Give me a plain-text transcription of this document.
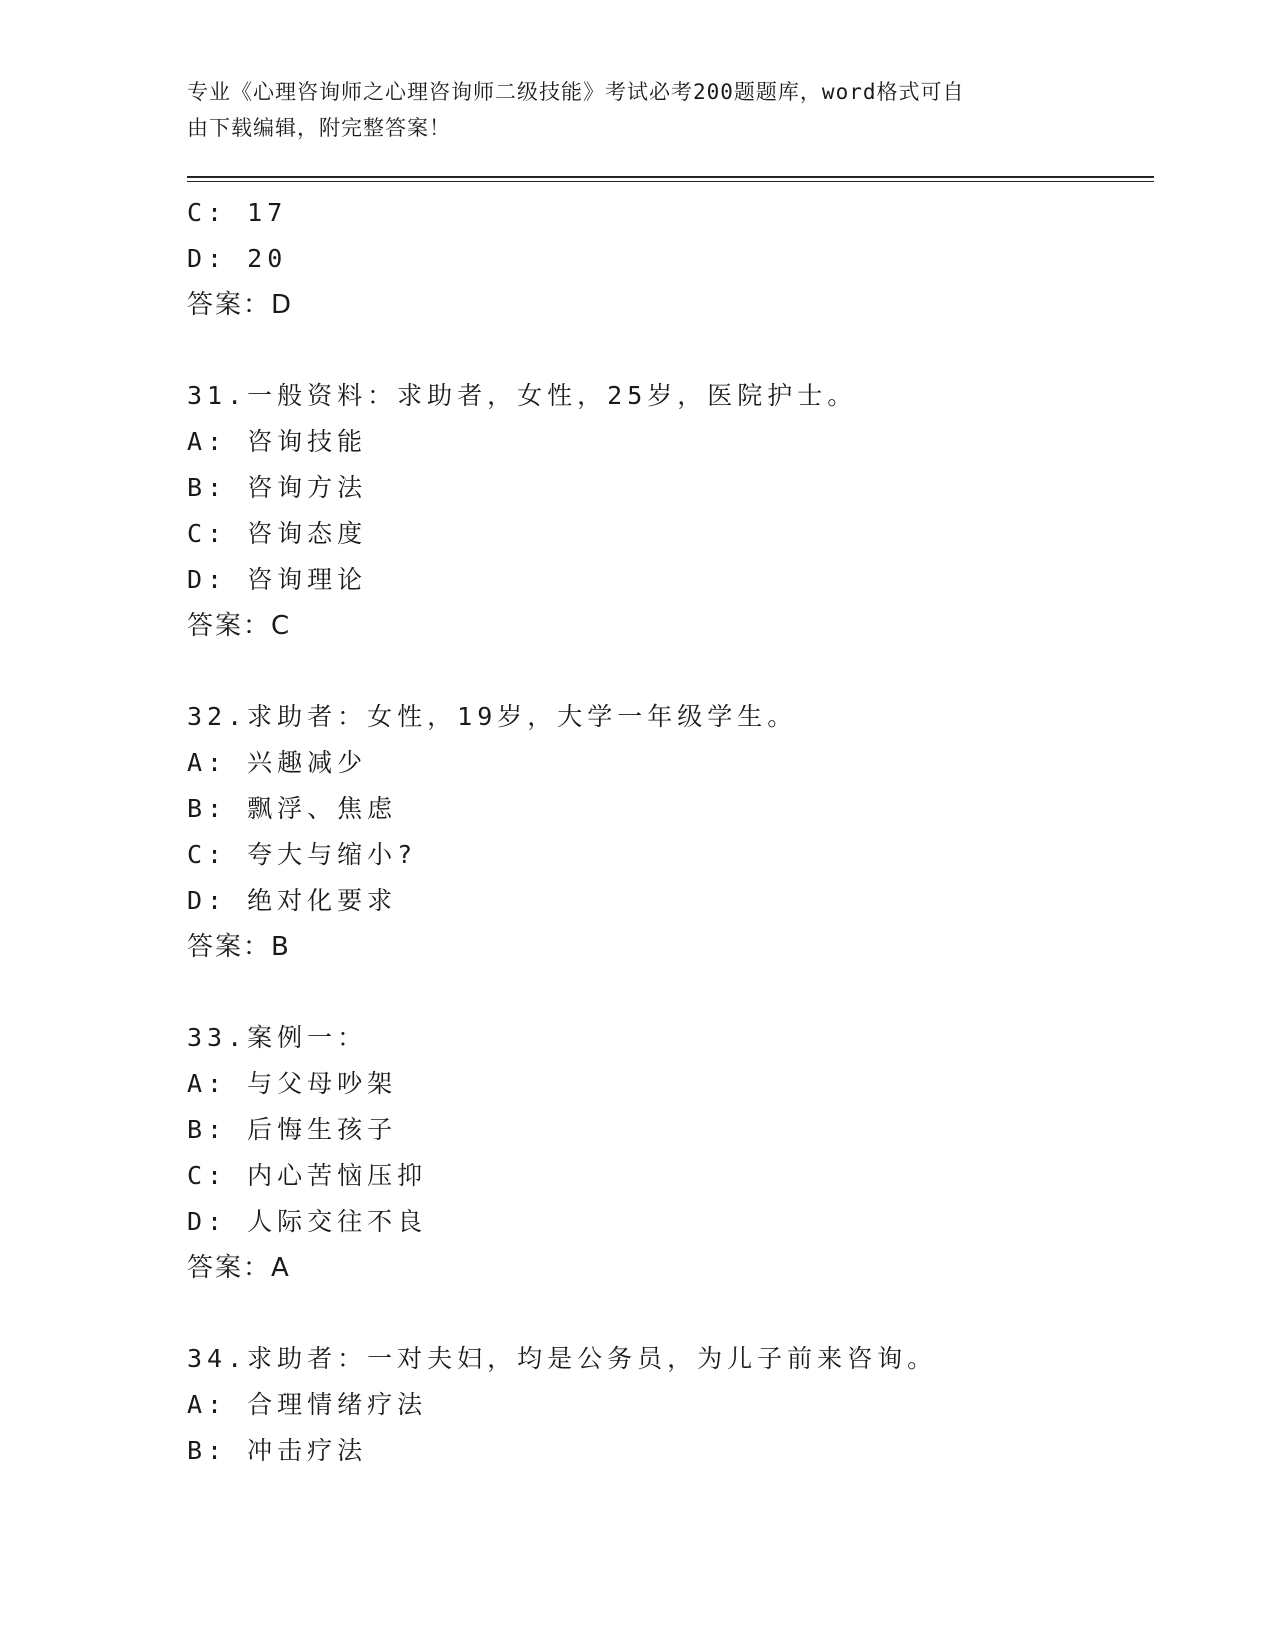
专业《心理咨询师之心理咨询师二级技能》考试必考200题题库，word格式可自
由下载编辑，附完整答案！
C: 17
D: 20
答案：D
31.一般资料：求助者，女性，25岁，医院护士。
A: 咨询技能
B: 咨询方法
C: 咨询态度
D: 咨询理论
答案：C
32.求助者：女性，19岁，大学一年级学生。
A: 兴趣减少
B: 飘浮、焦虑
C: 夸大与缩小?
D: 绝对化要求
答案：B
33.案例一：
A: 与父母吵架
B: 后悔生孩子
C: 内心苦恼压抑
D: 人际交往不良
答案：A
34.求助者：一对夫妇，均是公务员，为儿子前来咨询。
A: 合理情绪疗法
B: 冲击疗法
